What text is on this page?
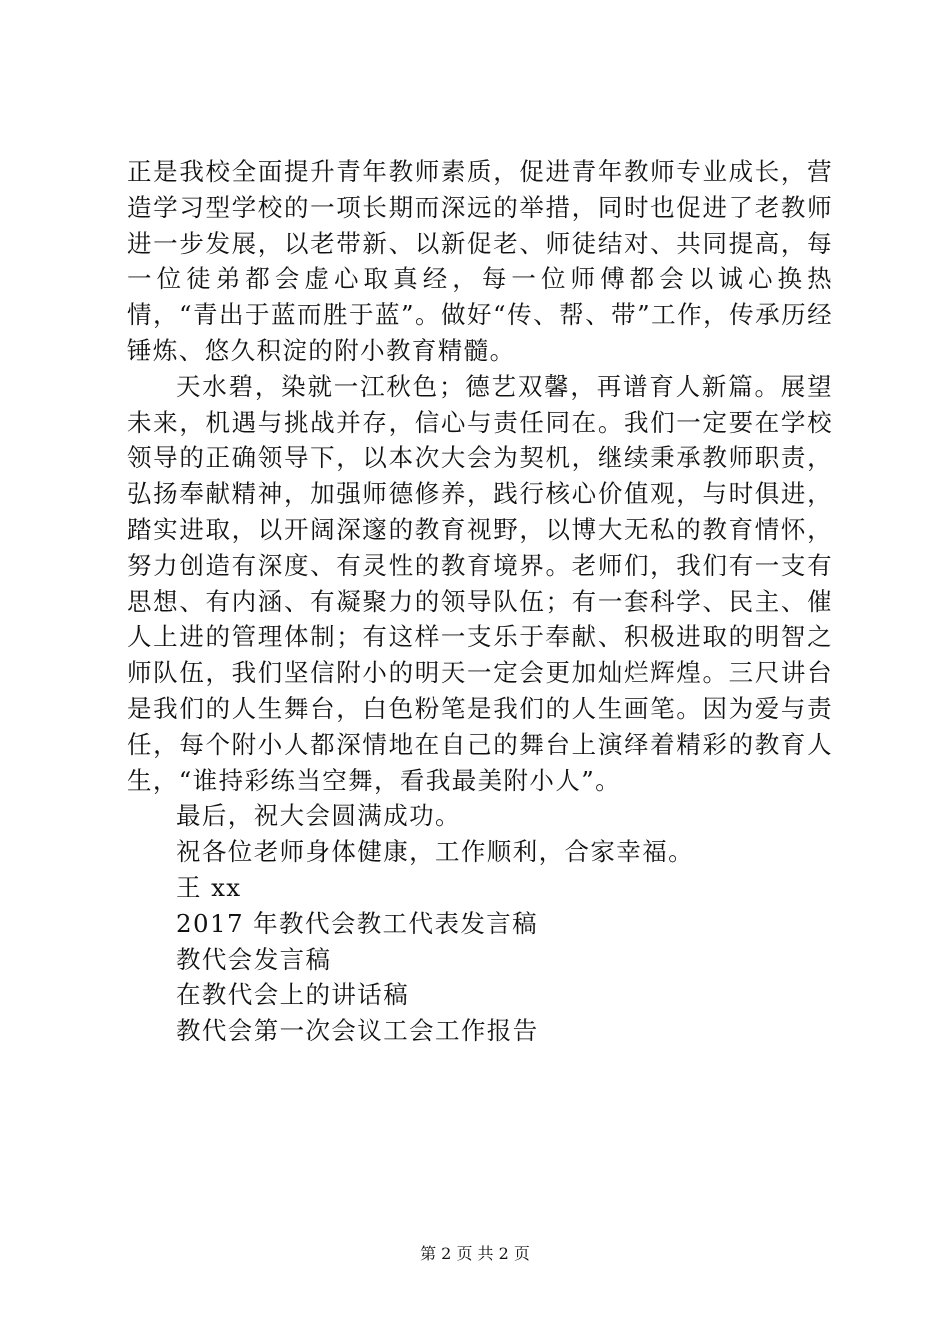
正是我校全面提升青年教师素质，促进青年教师专业成长，营造学习型学校的一项长期而深远的举措，同时也促进了老教师进一步发展，以老带新、以新促老、师徒结对、共同提高，每一位徒弟都会虚心取真经，每一位师傅都会以诚心换热情，“青出于蓝而胜于蓝”。做好“传、帮、带”工作，传承历经锤炼、悠久积淀的附小教育精髓。

天水碧，染就一江秋色；德艺双馨，再谱育人新篇。展望未来，机遇与挑战并存，信心与责任同在。我们一定要在学校领导的正确领导下，以本次大会为契机，继续秉承教师职责，弘扬奉献精神，加强师德修养，践行核心价值观，与时俱进，踏实进取，以开阔深邃的教育视野，以博大无私的教育情怀，努力创造有深度、有灵性的教育境界。老师们，我们有一支有思想、有内涵、有凝聚力的领导队伍；有一套科学、民主、催人上进的管理体制；有这样一支乐于奉献、积极进取的明智之师队伍，我们坚信附小的明天一定会更加灿烂辉煌。三尺讲台是我们的人生舞台，白色粉笔是我们的人生画笔。因为爱与责任，每个附小人都深情地在自己的舞台上演绎着精彩的教育人生，“谁持彩练当空舞，看我最美附小人”。

最后，祝大会圆满成功。

祝各位老师身体健康，工作顺利，合家幸福。

王 xx

2017 年教代会教工代表发言稿

教代会发言稿

在教代会上的讲话稿

教代会第一次会议工会工作报告

第 2 页 共 2 页
